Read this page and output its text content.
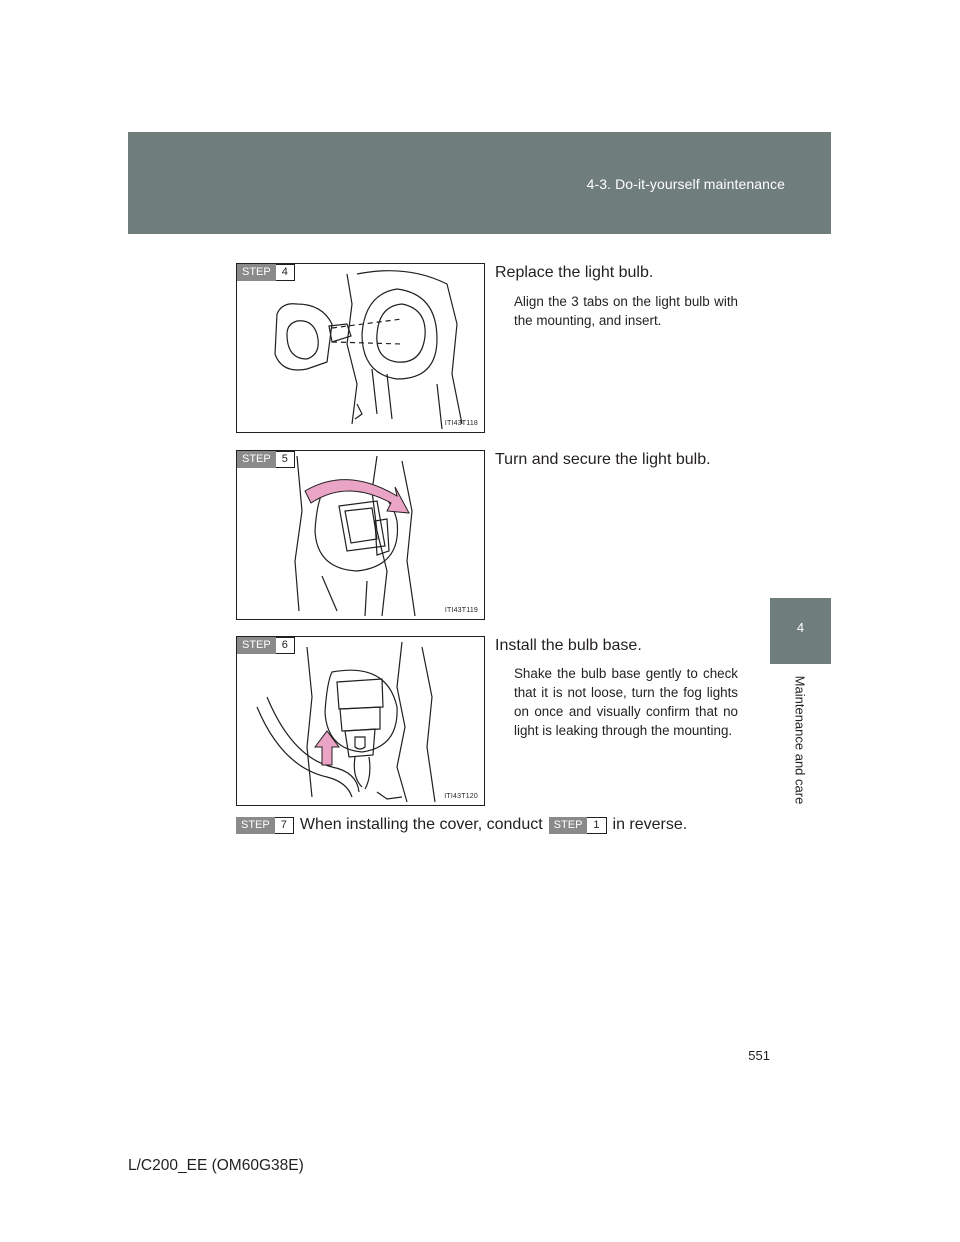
4-3. Do-it-yourself maintenance
4
Maintenance and care
STEP	4
ITI43T118
Replace the light bulb.
Align the 3 tabs on the light bulb with the mounting, and insert.
STEP	5
ITI43T119
Turn and secure the light bulb.
STEP	6
ITI43T120
Install the bulb base.
Shake the bulb base gently to check that it is not loose, turn the fog lights on once and visually confirm that no light is leaking through the mounting.
STEP	7 When installing the cover, conduct	STEP	1 in reverse.
551
L/C200_EE (OM60G38E)
